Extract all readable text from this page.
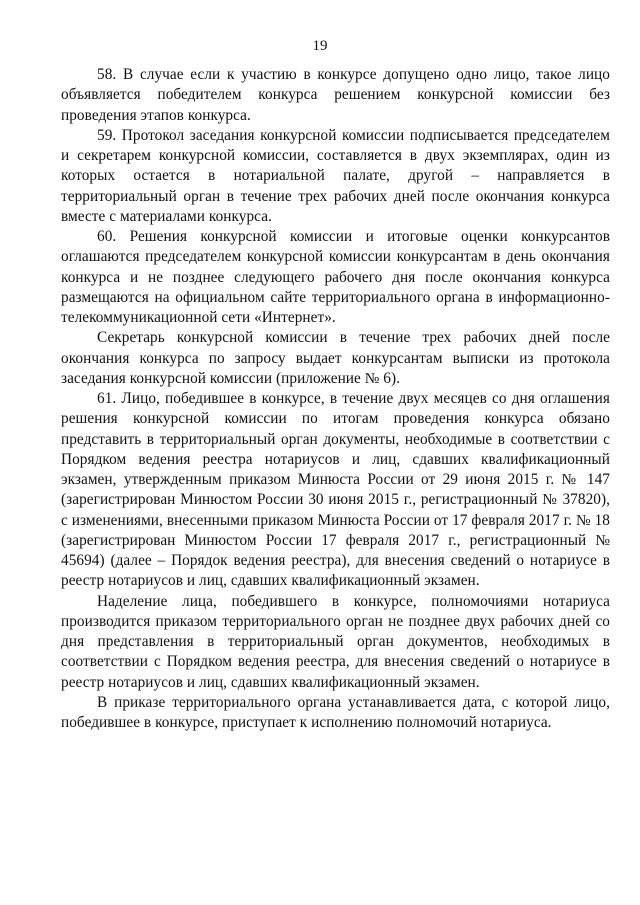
19

58. В случае если к участию в конкурсе допущено одно лицо, такое лицо объявляется победителем конкурса решением конкурсной комиссии без проведения этапов конкурса.

59. Протокол заседания конкурсной комиссии подписывается председателем и секретарем конкурсной комиссии, составляется в двух экземплярах, один из которых остается в нотариальной палате, другой – направляется в территориальный орган в течение трех рабочих дней после окончания конкурса вместе с материалами конкурса.

60. Решения конкурсной комиссии и итоговые оценки конкурсантов оглашаются председателем конкурсной комиссии конкурсантам в день окончания конкурса и не позднее следующего рабочего дня после окончания конкурса размещаются на официальном сайте территориального органа в информационно-телекоммуникационной сети «Интернет».

Секретарь конкурсной комиссии в течение трех рабочих дней после окончания конкурса по запросу выдает конкурсантам выписки из протокола заседания конкурсной комиссии (приложение № 6).

61. Лицо, победившее в конкурсе, в течение двух месяцев со дня оглашения решения конкурсной комиссии по итогам проведения конкурса обязано представить в территориальный орган документы, необходимые в соответствии с Порядком ведения реестра нотариусов и лиц, сдавших квалификационный экзамен, утвержденным приказом Минюста России от 29 июня 2015 г. № 147 (зарегистрирован Минюстом России 30 июня 2015 г., регистрационный № 37820), с изменениями, внесенными приказом Минюста России от 17 февраля 2017 г. № 18 (зарегистрирован Минюстом России 17 февраля 2017 г., регистрационный № 45694) (далее – Порядок ведения реестра), для внесения сведений о нотариусе в реестр нотариусов и лиц, сдавших квалификационный экзамен.

Наделение лица, победившего в конкурсе, полномочиями нотариуса производится приказом территориального орган не позднее двух рабочих дней со дня представления в территориальный орган документов, необходимых в соответствии с Порядком ведения реестра, для внесения сведений о нотариусе в реестр нотариусов и лиц, сдавших квалификационный экзамен.

В приказе территориального органа устанавливается дата, с которой лицо, победившее в конкурсе, приступает к исполнению полномочий нотариуса.
